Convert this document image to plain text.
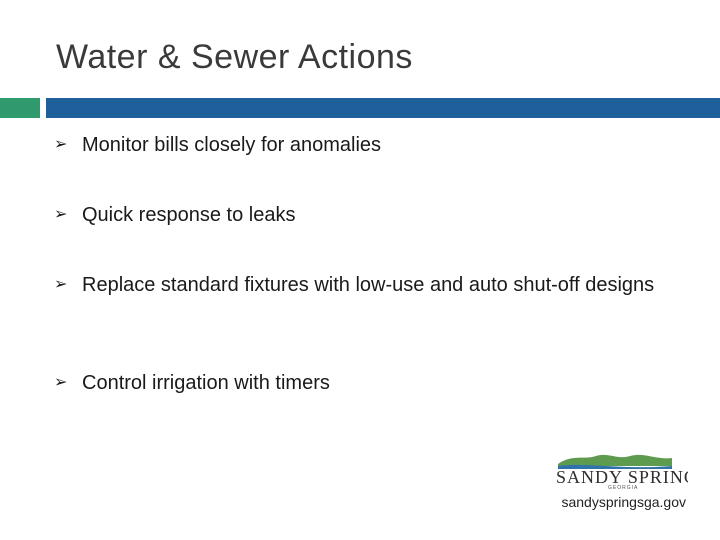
Water & Sewer Actions
➢ Monitor bills closely for anomalies
➢ Quick response to leaks
➢ Replace standard fixtures with low-use and auto shut-off designs
➢ Control irrigation with timers
SANDY SPRIN
GEORGIA
sandyspringsga.gov
